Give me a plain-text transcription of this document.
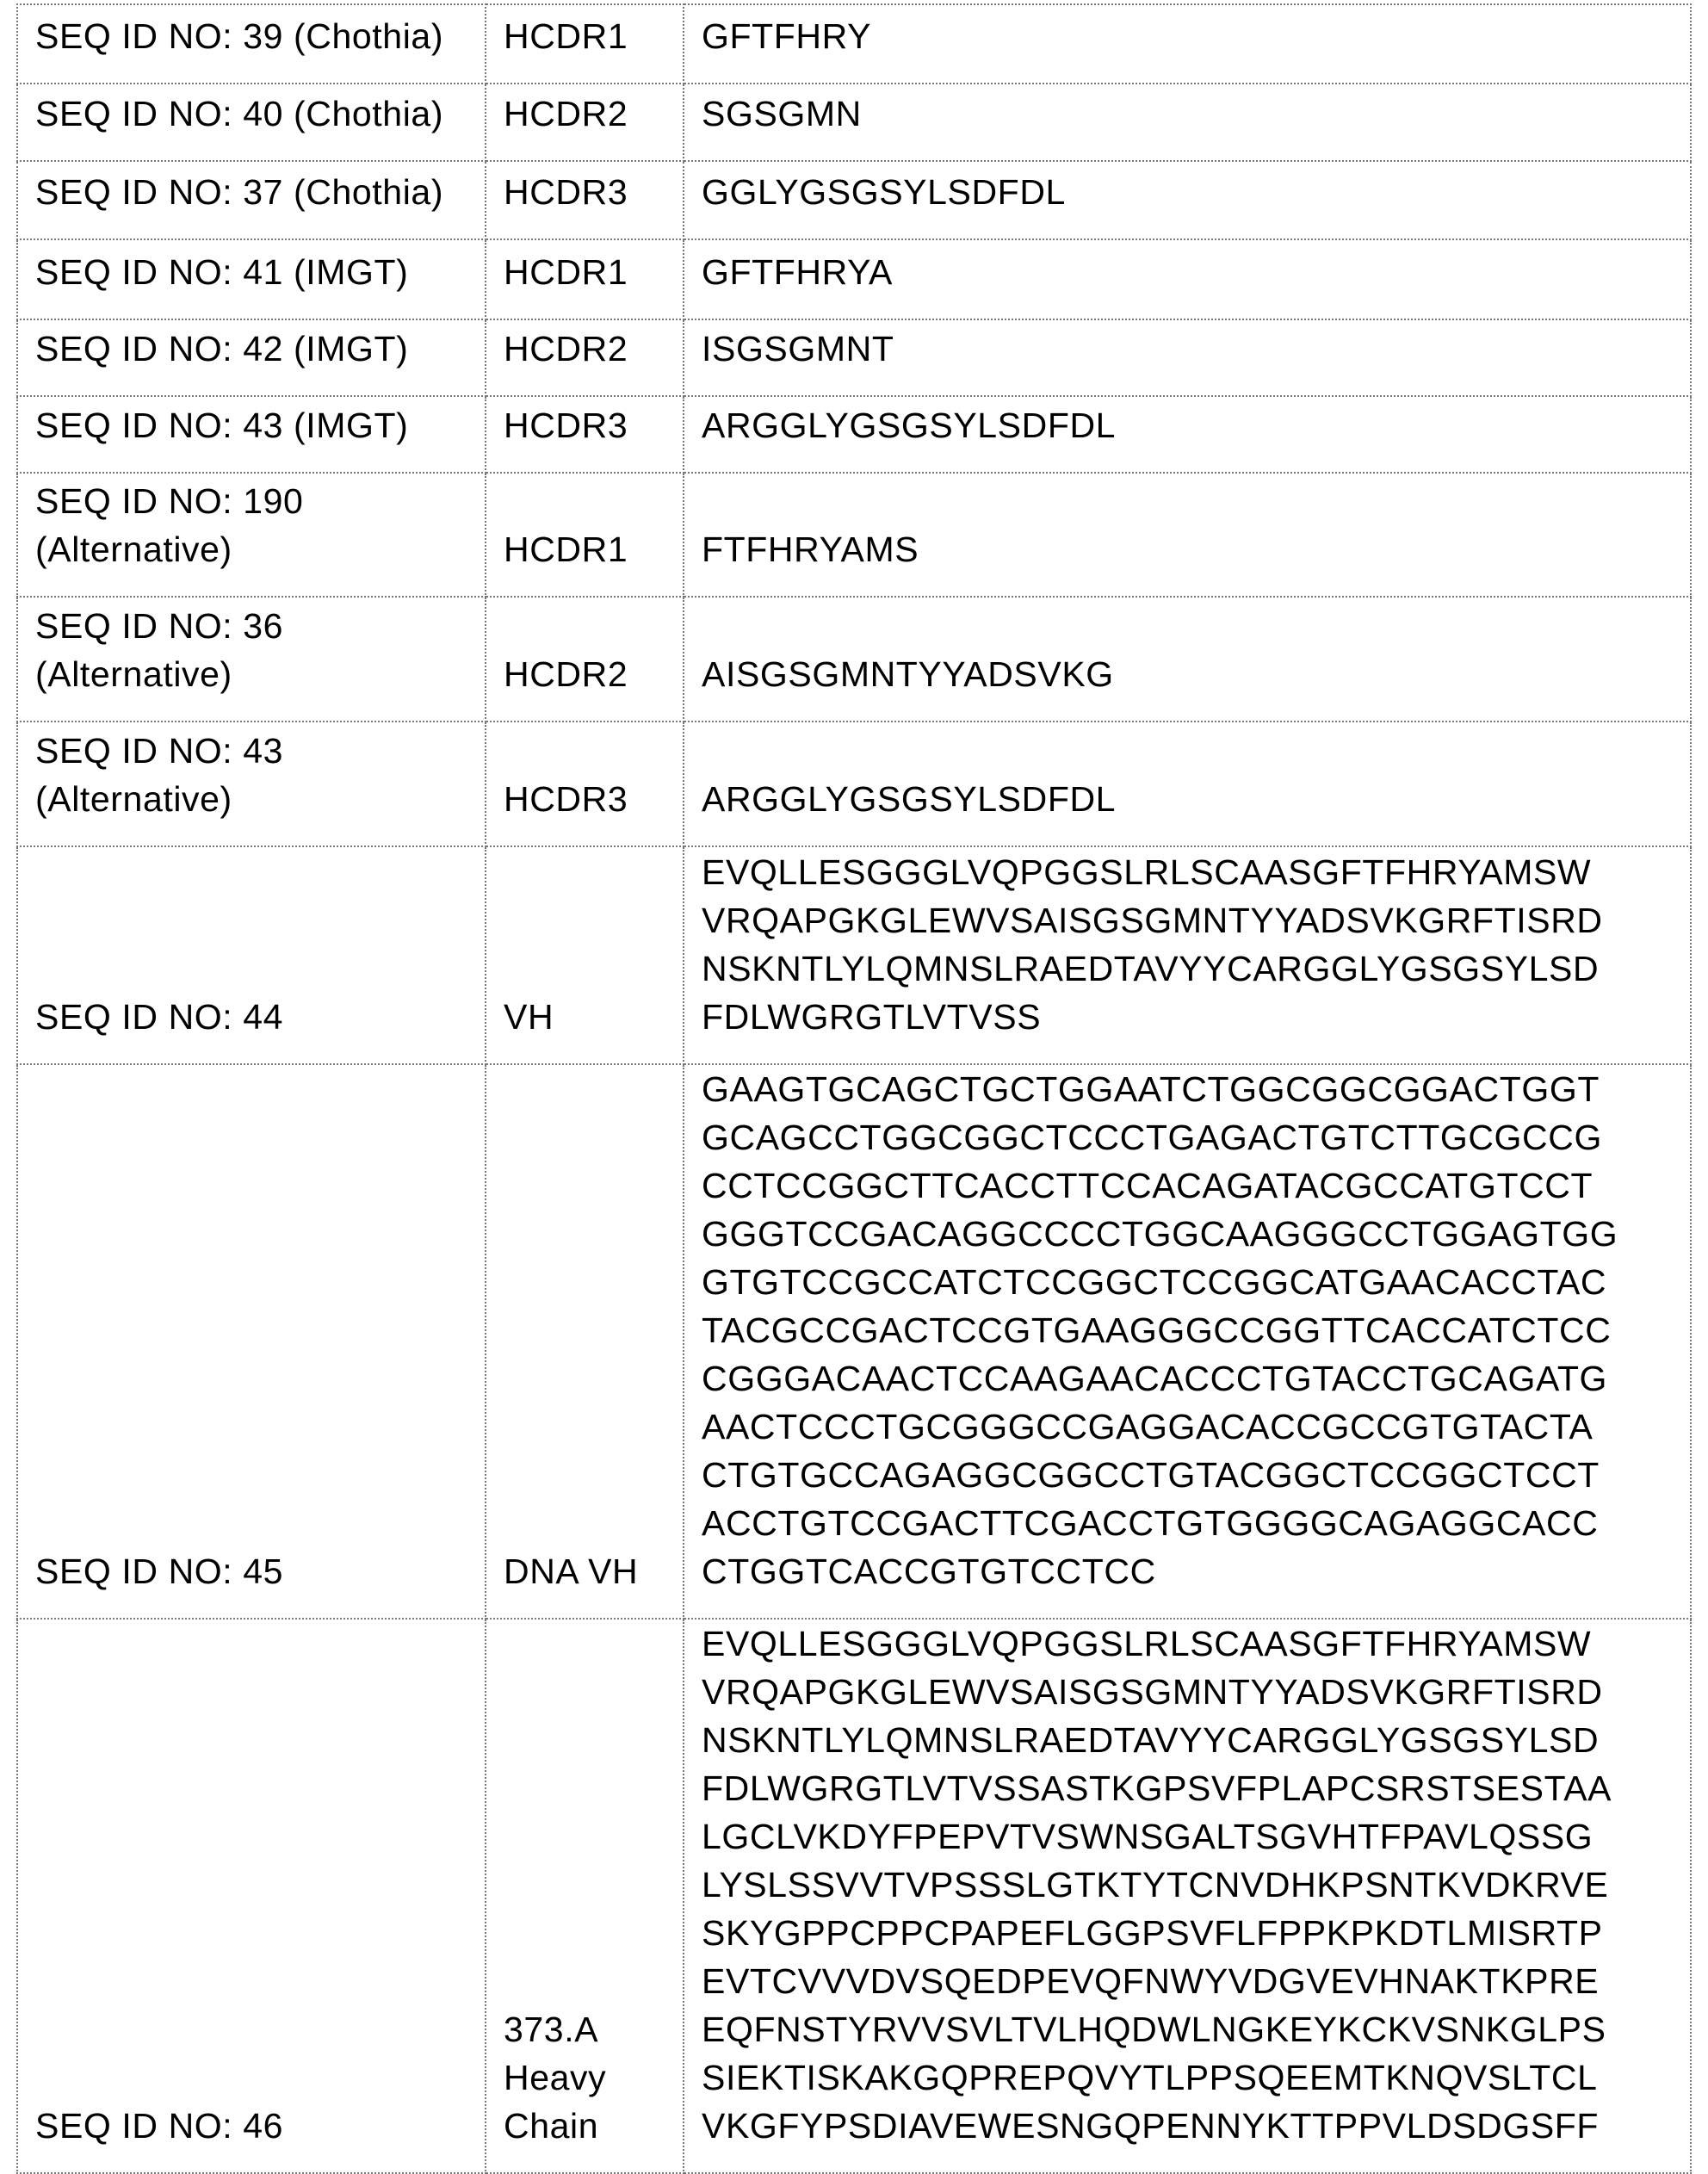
SEQ ID NO: 39 (Chothia)	HCDR1	GFTFHRY

SEQ ID NO: 40 (Chothia)	HCDR2	SGSGMN

SEQ ID NO: 37 (Chothia)	HCDR3	GGLYGSGSYLSDFDL

SEQ ID NO: 41 (IMGT)	HCDR1	GFTFHRYA

SEQ ID NO: 42 (IMGT)	HCDR2	ISGSGMNT

SEQ ID NO: 43 (IMGT)	HCDR3	ARGGLYGSGSYLSDFDL

SEQ ID NO: 190
(Alternative)	HCDR1	FTFHRYAMS

SEQ ID NO: 36
(Alternative)	HCDR2	AISGSGMNTYYADSVKG

SEQ ID NO: 43
(Alternative)	HCDR3	ARGGLYGSGSYLSDFDL

SEQ ID NO: 44	VH

EVQLLESGGGLVQPGGSLRLSCAASGFTFHRYAMSW
VRQAPGKGLEWVSAISGSGMNTYYADSVKGRFTISRD
NSKNTLYLQMNSLRAEDTAVYYCARGGLYGSGSYLSD
FDLWGRGTLVTVSS

SEQ ID NO: 45	DNA VH

GAAGTGCAGCTGCTGGAATCTGGCGGCGGACTGGT
GCAGCCTGGCGGCTCCCTGAGACTGTCTTGCGCCG
CCTCCGGCTTCACCTTCCACAGATACGCCATGTCCT
GGGTCCGACAGGCCCCTGGCAAGGGCCTGGAGTGG
GTGTCCGCCATCTCCGGCTCCGGCATGAACACCTAC
TACGCCGACTCCGTGAAGGGCCGGTTCACCATCTCC
CGGGACAACTCCAAGAACACCCTGTACCTGCAGATG
AACTCCCTGCGGGCCGAGGACACCGCCGTGTACTA
CTGTGCCAGAGGCGGCCTGTACGGCTCCGGCTCCT
ACCTGTCCGACTTCGACCTGTGGGGCAGAGGCACC
CTGGTCACCGTGTCCTCC

SEQ ID NO: 46

373.A
Heavy
Chain

EVQLLESGGGLVQPGGSLRLSCAASGFTFHRYAMSW
VRQAPGKGLEWVSAISGSGMNTYYADSVKGRFTISRD
NSKNTLYLQMNSLRAEDTAVYYCARGGLYGSGSYLSD
FDLWGRGTLVTVSSASTKGPSVFPLAPCSRSTSESTAA
LGCLVKDYFPEPVTVSWNSGALTSGVHTFPAVLQSSG
LYSLSSVVTVPSSSLGTKTYTCNVDHKPSNTKVDKRVE
SKYGPPCPPCPAPEFLGGPSVFLFPPKPKDTLMISRTP
EVTCVVVDVSQEDPEVQFNWYVDGVEVHNAKTKPRE
EQFNSTYRVVSVLTVLHQDWLNGKEYKCKVSNKGLPS
SIEKTISKAKGQPREPQVYTLPPSQEEMTKNQVSLTCL
VKGFYPSDIAVEWESNGQPENNYKTTPPVLDSDGSFF
